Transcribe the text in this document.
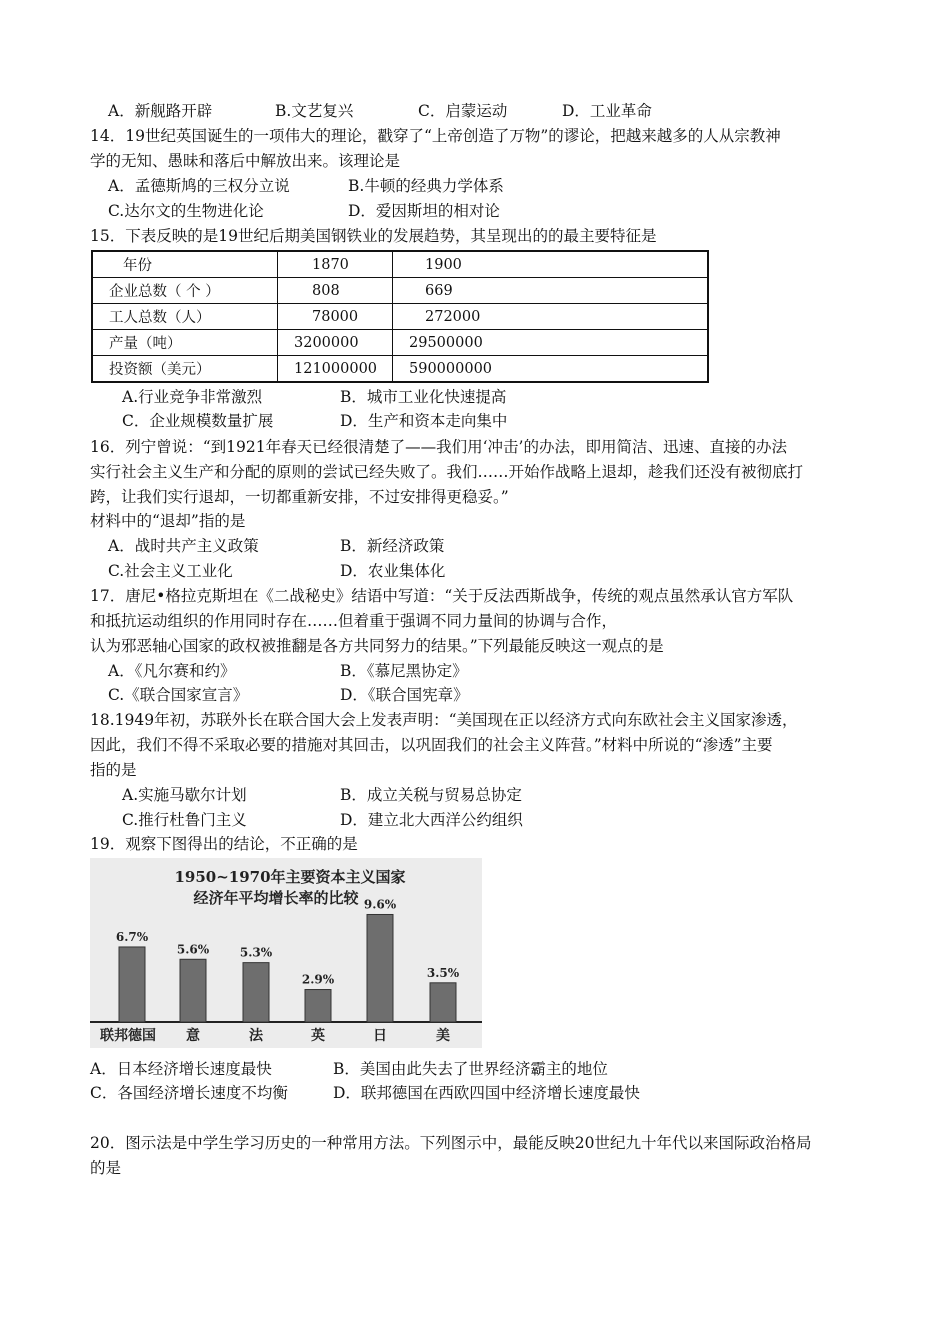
A．新舰路开辟	B.文艺复兴	C．启蒙运动	D．工业革命
14．19世纪英国诞生的一项伟大的理论，戳穿了“上帝创造了万物”的谬论，把越来越多的人从宗教神
学的无知、愚昧和落后中解放出来。该理论是
A．孟德斯鸠的三权分立说	B.牛顿的经典力学体系
C.达尔文的生物进化论	D．爱因斯坦的相对论
15．下表反映的是19世纪后期美国钢铁业的发展趋势，其呈现出的的最主要特征是
年份	1870	1900
企业总数（ 个 ）	808	669
工人总数（人）	78000	272000
产量（吨）	3200000	29500000
投资额（美元）	121000000	590000000
A.行业竞争非常激烈	B．城市工业化快速提高
C．企业规模数量扩展	D．生产和资本走向集中
16．列宁曾说：“到1921年春天已经很清楚了——我们用‘冲击’的办法，即用简洁、迅速、直接的办法
实行社会主义生产和分配的原则的尝试已经失败了。我们……开始作战略上退却，趁我们还没有被彻底打
跨，让我们实行退却，一切都重新安排，不过安排得更稳妥。”
材料中的“退却”指的是
A．战时共产主义政策	B．新经济政策
C.社会主义工业化	D．农业集体化
17．唐尼•格拉克斯坦在《二战秘史》结语中写道：“关于反法西斯战争，传统的观点虽然承认官方军队
和抵抗运动组织的作用同时存在……但着重于强调不同力量间的协调与合作，
认为邪恶轴心国家的政权被推翻是各方共同努力的结果。”下列最能反映这一观点的是
A．《凡尔赛和约》	B．《慕尼黑协定》
C.《联合国家宣言》	D．《联合国宪章》
18.1949年初，苏联外长在联合国大会上发表声明：“美国现在正以经济方式向东欧社会主义国家渗透，
因此，我们不得不采取必要的措施对其回击，以巩固我们的社会主义阵营。”材料中所说的“渗透”主要
指的是
A.实施马歇尔计划	B．成立关税与贸易总协定
C.推行杜鲁门主义	D．建立北大西洋公约组织
19．观察下图得出的结论，不正确的是
1950~1970年主要资本主义国家
经济年平均增长率的比较
6.7%
联邦德国
5.6%
意
5.3%
法
2.9%
英
9.6%
日
3.5%
美
A．日本经济增长速度最快	B．美国由此失去了世界经济霸主的地位
C．各国经济增长速度不均衡	D．联邦德国在西欧四国中经济增长速度最快
20．图示法是中学生学习历史的一种常用方法。下列图示中，最能反映20世纪九十年代以来国际政治格局
的是
